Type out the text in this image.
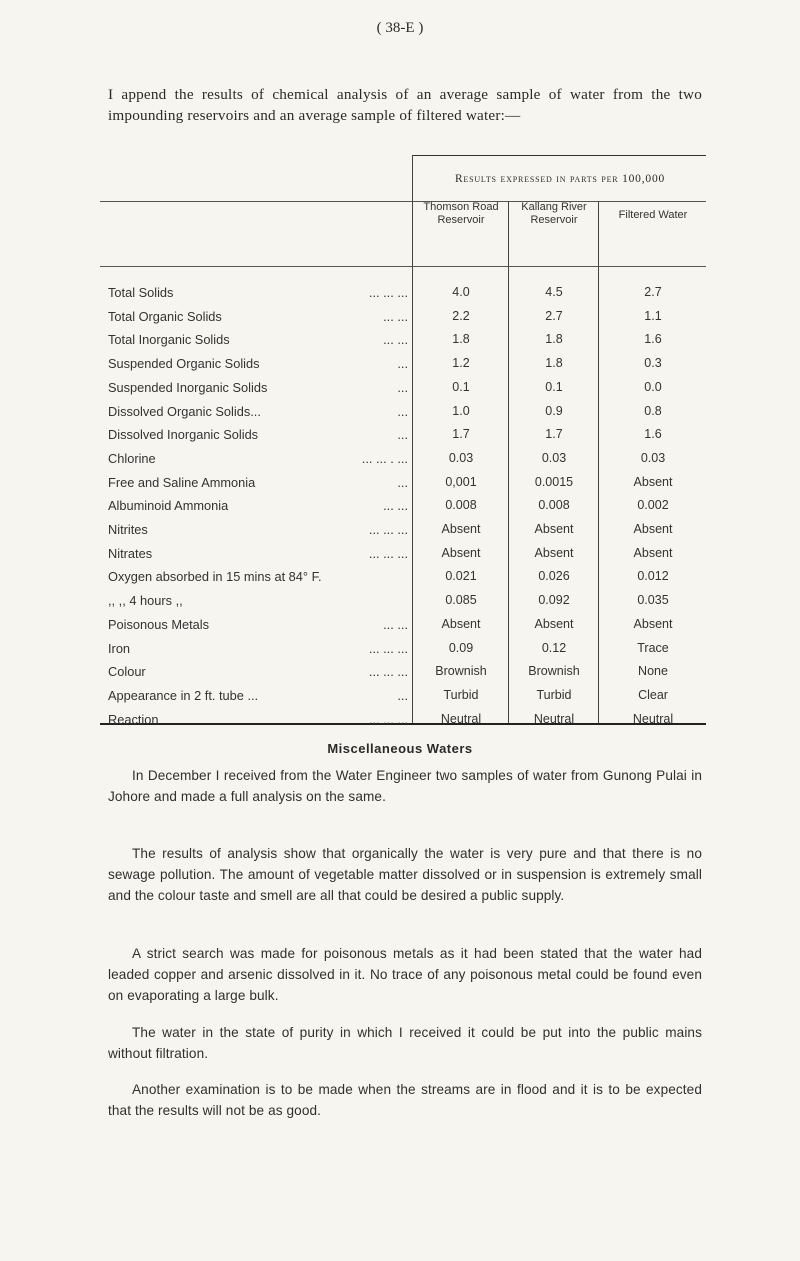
( 38-E )
I append the results of chemical analysis of an average sample of water from the two impounding reservoirs and an average sample of filtered water:—
Results expressed in parts per 100,000
Thomson Road Reservoir
Kallang River Reservoir	Filtered Water
Total Solids	... ... ...	4.0	4.5	2.7
Total Organic Solids	... ...	2.2	2.7	1.1
Total Inorganic Solids	... ...	1.8	1.8	1.6
Suspended Organic Solids	...	1.2	1.8	0.3
Suspended Inorganic Solids	...	0.1	0.1	0.0
Dissolved Organic Solids...	...	1.0	0.9	0.8
Dissolved Inorganic Solids	...	1.7	1.7	1.6
Chlorine	... ... . ...	0.03	0.03	0.03
Free and Saline Ammonia	...	0,001	0.0015	Absent
Albuminoid Ammonia	... ...	0.008	0.008	0.002
Nitrites	... ... ...	Absent	Absent	Absent
Nitrates	... ... ...	Absent	Absent	Absent
Oxygen absorbed in 15 mins at 84° F.	0.021	0.026	0.012
,, ,, 4 hours ,,	0.085	0.092	0.035
Poisonous Metals	... ...	Absent	Absent	Absent
Iron	... ... ...	0.09	0.12	Trace
Colour	... ... ...	Brownish	Brownish	None
Appearance in 2 ft. tube ...	...	Turbid	Turbid	Clear
Reaction	... ... ...	Neutral	Neutral	Neutral
Miscellaneous Waters
In December I received from the Water Engineer two samples of water from Gunong Pulai in Johore and made a full analysis on the same.
The results of analysis show that organically the water is very pure and that there is no sewage pollution. The amount of vegetable matter dissolved or in suspension is extremely small and the colour taste and smell are all that could be desired a public supply.
A strict search was made for poisonous metals as it had been stated that the water had leaded copper and arsenic dissolved in it. No trace of any poisonous metal could be found even on evaporating a large bulk.
The water in the state of purity in which I received it could be put into the public mains without filtration.
Another examination is to be made when the streams are in flood and it is to be expected that the results will not be as good.
